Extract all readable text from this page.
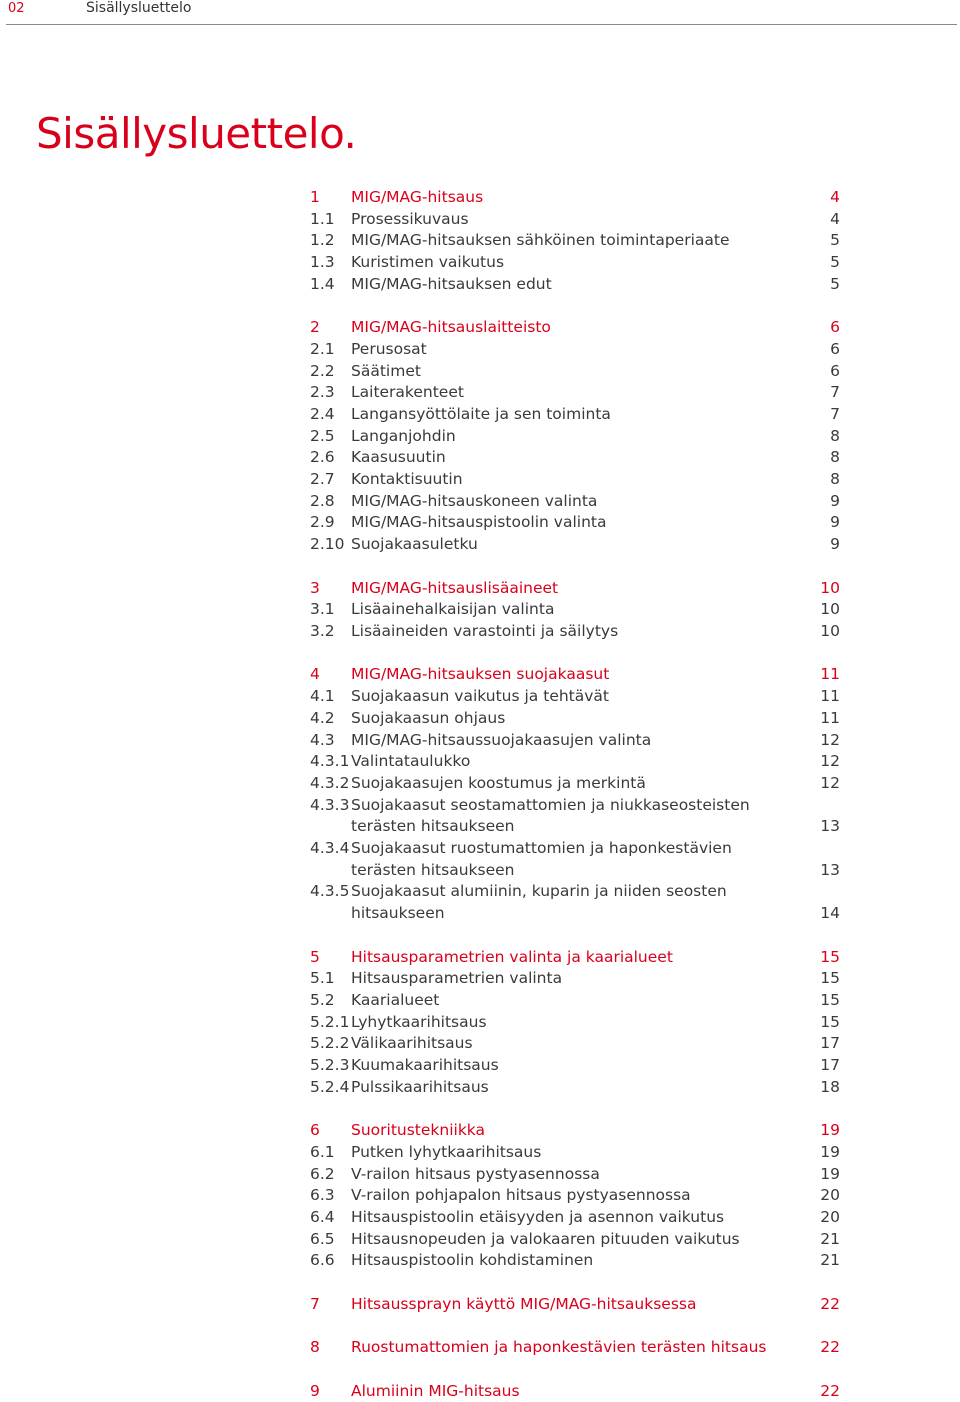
02	Sisällysluettelo
Sisällysluettelo.
1 MIG/MAG-hitsaus	4
1.1 Prosessikuvaus	4
1.2 MIG/MAG-hitsauksen sähköinen toimintaperiaate	5
1.3 Kuristimen vaikutus	5
1.4 MIG/MAG-hitsauksen edut	5
2 MIG/MAG-hitsauslaitteisto	6
2.1 Perusosat	6
2.2 Säätimet	6
2.3 Laiterakenteet	7
2.4 Langansyöttölaite ja sen toiminta	7
2.5 Langanjohdin	8
2.6 Kaasusuutin	8
2.7 Kontaktisuutin	8
2.8 MIG/MAG-hitsauskoneen valinta	9
2.9 MIG/MAG-hitsauspistoolin valinta	9
2.10 Suojakaasuletku	9
3 MIG/MAG-hitsauslisäaineet	10
3.1 Lisäainehalkaisijan valinta	10
3.2 Lisäaineiden varastointi ja säilytys	10
4 MIG/MAG-hitsauksen suojakaasut	11
4.1 Suojakaasun vaikutus ja tehtävät	11
4.2 Suojakaasun ohjaus	11
4.3 MIG/MAG-hitsaussuojakaasujen valinta	12
4.3.1 Valintataulukko	12
4.3.2 Suojakaasujen koostumus ja merkintä	12
4.3.3 Suojakaasut seostamattomien ja niukkaseosteisten
terästen hitsaukseen	13
4.3.4 Suojakaasut ruostumattomien ja haponkestävien
terästen hitsaukseen	13
4.3.5 Suojakaasut alumiinin, kuparin ja niiden seosten
hitsaukseen	14
5 Hitsausparametrien valinta ja kaarialueet	15
5.1 Hitsausparametrien valinta	15
5.2 Kaarialueet	15
5.2.1 Lyhytkaarihitsaus	15
5.2.2 Välikaarihitsaus	17
5.2.3 Kuumakaarihitsaus	17
5.2.4 Pulssikaarihitsaus	18
6 Suoritustekniikka	19
6.1 Putken lyhytkaarihitsaus	19
6.2 V-railon hitsaus pystyasennossa	19
6.3 V-railon pohjapalon hitsaus pystyasennossa	20
6.4 Hitsauspistoolin etäisyyden ja asennon vaikutus	20
6.5 Hitsausnopeuden ja valokaaren pituuden vaikutus	21
6.6 Hitsauspistoolin kohdistaminen	21
7 Hitsaussprayn käyttö MIG/MAG-hitsauksessa	22
8 Ruostumattomien ja haponkestävien terästen hitsaus	22
9 Alumiinin MIG-hitsaus	22
